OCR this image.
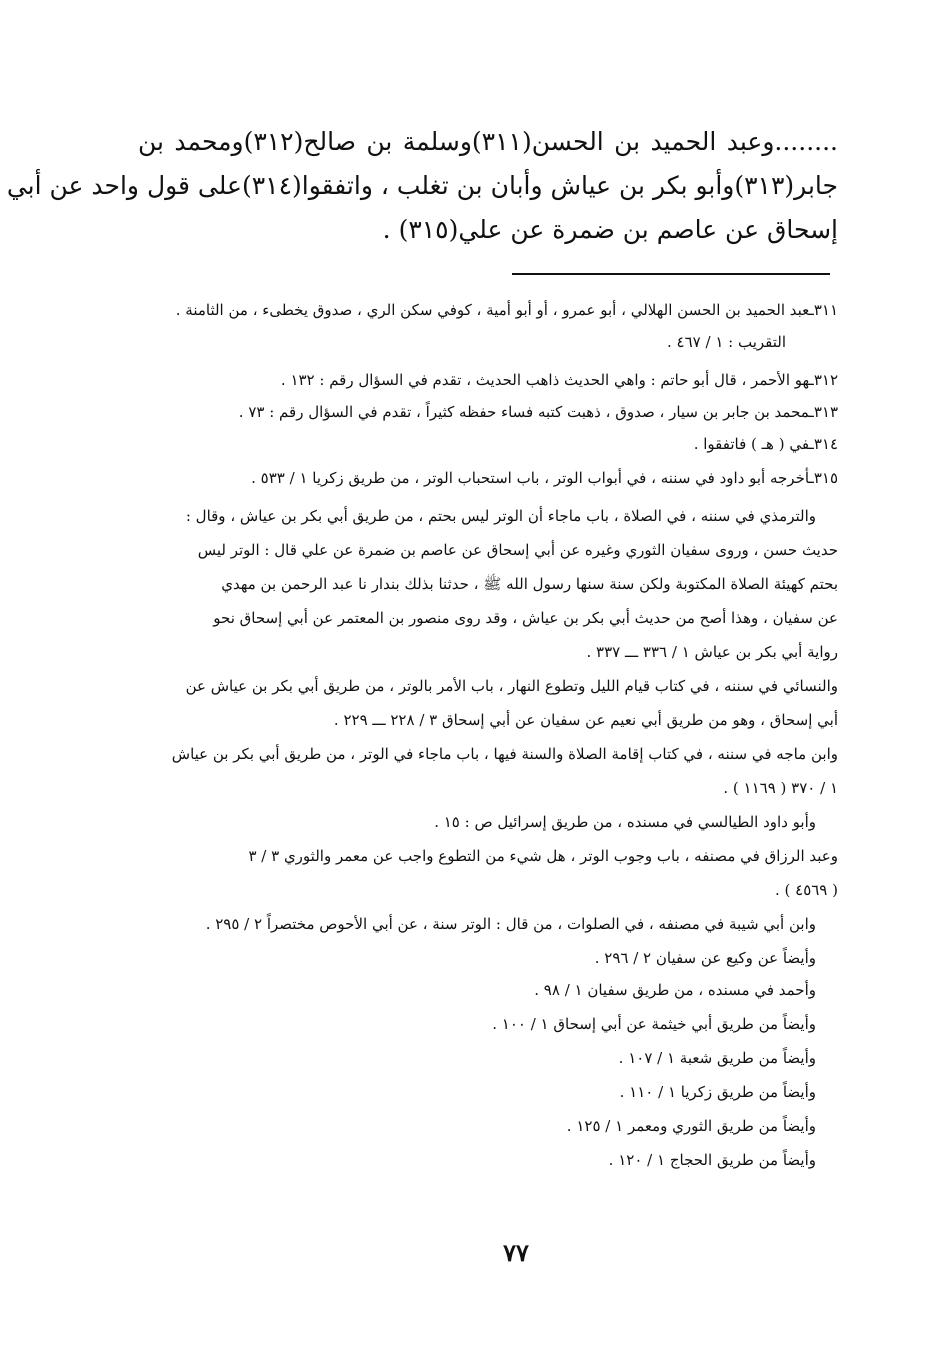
........وعبد الحميد بن الحسن(٣١١)وسلمة بن صالح(٣١٢)ومحمد بن
جابر(٣١٣)وأبو بكر بن عياش وأبان بن تغلب ، واتفقوا(٣١٤)على قول واحد عن أبي
إسحاق عن عاصم بن ضمرة عن علي(٣١٥) .
٣١١ـعبد الحميد بن الحسن الهلالي ، أبو عمرو ، أو أبو أمية ، كوفي سكن الري ، صدوق يخطىء ، من الثامنة .
التقريب : ١ / ٤٦٧ .
٣١٢ـهو الأحمر ، قال أبو حاتم : واهي الحديث ذاهب الحديث ، تقدم في السؤال رقم : ١٣٢ .
٣١٣ـمحمد بن جابر بن سيار ، صدوق ، ذهبت كتبه فساء حفظه كثيراً ، تقدم في السؤال رقم : ٧٣ .
٣١٤ـفي ( هـ ) فاتفقوا .
٣١٥ـأخرجه أبو داود في سننه ، في أبواب الوتر ، باب استحباب الوتر ، من طريق زكريا ١ / ٥٣٣ .
والترمذي في سننه ، في الصلاة ، باب ماجاء أن الوتر ليس بحتم ، من طريق أبي بكر بن عياش ، وقال :
حديث حسن ، وروى سفيان الثوري وغيره عن أبي إسحاق عن عاصم بن ضمرة عن علي قال : الوتر ليس
بحتم كهيئة الصلاة المكتوبة ولكن سنة سنها رسول الله ﷺ ، حدثنا بذلك بندار نا عبد الرحمن بن مهدي
عن سفيان ، وهذا أصح من حديث أبي بكر بن عياش ، وقد روى منصور بن المعتمر عن أبي إسحاق نحو
رواية أبي بكر بن عياش ١ / ٣٣٦ ـــ ٣٣٧ .
والنسائي في سننه ، في كتاب قيام الليل وتطوع النهار ، باب الأمر بالوتر ، من طريق أبي بكر بن عياش عن
أبي إسحاق ، وهو من طريق أبي نعيم عن سفيان عن أبي إسحاق ٣ / ٢٢٨ ـــ ٢٢٩ .
وابن ماجه في سننه ، في كتاب إقامة الصلاة والسنة فيها ، باب ماجاء في الوتر ، من طريق أبي بكر بن عياش
١ / ٣٧٠ ( ١١٦٩ ) .
وأبو داود الطيالسي في مسنده ، من طريق إسرائيل ص : ١٥ .
وعبد الرزاق في مصنفه ، باب وجوب الوتر ، هل شيء من التطوع واجب عن معمر والثوري ٣ / ٣
( ٤٥٦٩ ) .
وابن أبي شيبة في مصنفه ، في الصلوات ، من قال : الوتر سنة ، عن أبي الأحوص مختصراً ٢ / ٢٩٥ .
وأيضاً عن وكيع عن سفيان ٢ / ٢٩٦ .
وأحمد في مسنده ، من طريق سفيان ١ / ٩٨ .
وأيضاً من طريق أبي خيثمة عن أبي إسحاق ١ / ١٠٠ .
وأيضاً من طريق شعبة ١ / ١٠٧ .
وأيضاً من طريق زكريا ١ / ١١٠ .
وأيضاً من طريق الثوري ومعمر ١ / ١٢٥ .
وأيضاً من طريق الحجاج ١ / ١٢٠ .
٧٧
